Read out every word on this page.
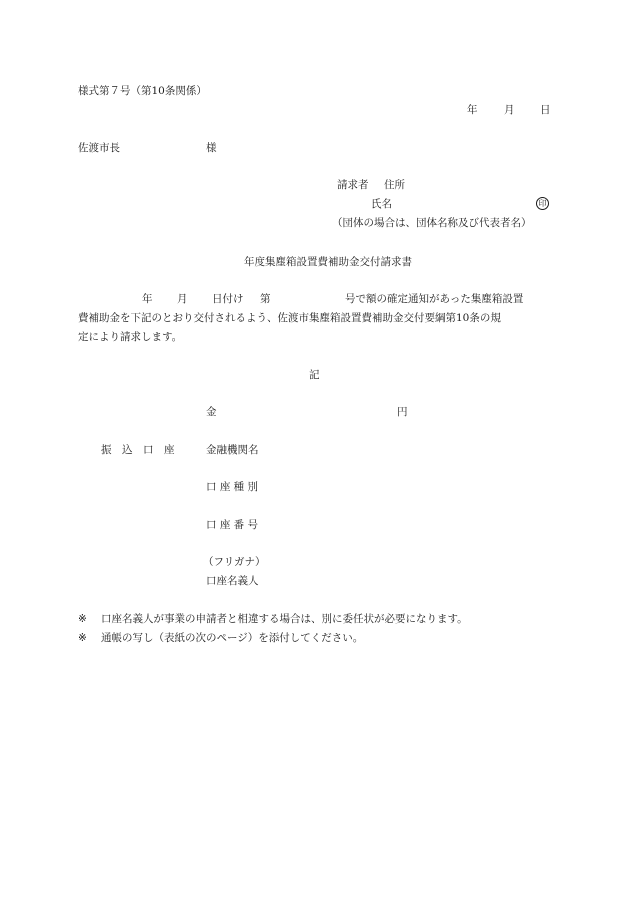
様式第７号（第10条関係）
年	月 日
佐渡市長	様
請求者 住所
氏名	印
（団体の場合は、団体名称及び代表者名）
年度集塵箱設置費補助金交付請求書
年 月 日付け 第	号で額の確定通知があった集塵箱設置
費補助金を下記のとおり交付されるよう、佐渡市集塵箱設置費補助金交付要綱第10条の規
定により請求します。
記
金	円
振　込　口　座	金融機関名
口 座 種 別
口 座 番 号
（フリガナ）
口座名義人
※ 口座名義人が事業の申請者と相違する場合は、別に委任状が必要になります。
※ 通帳の写し（表紙の次のページ）を添付してください。
